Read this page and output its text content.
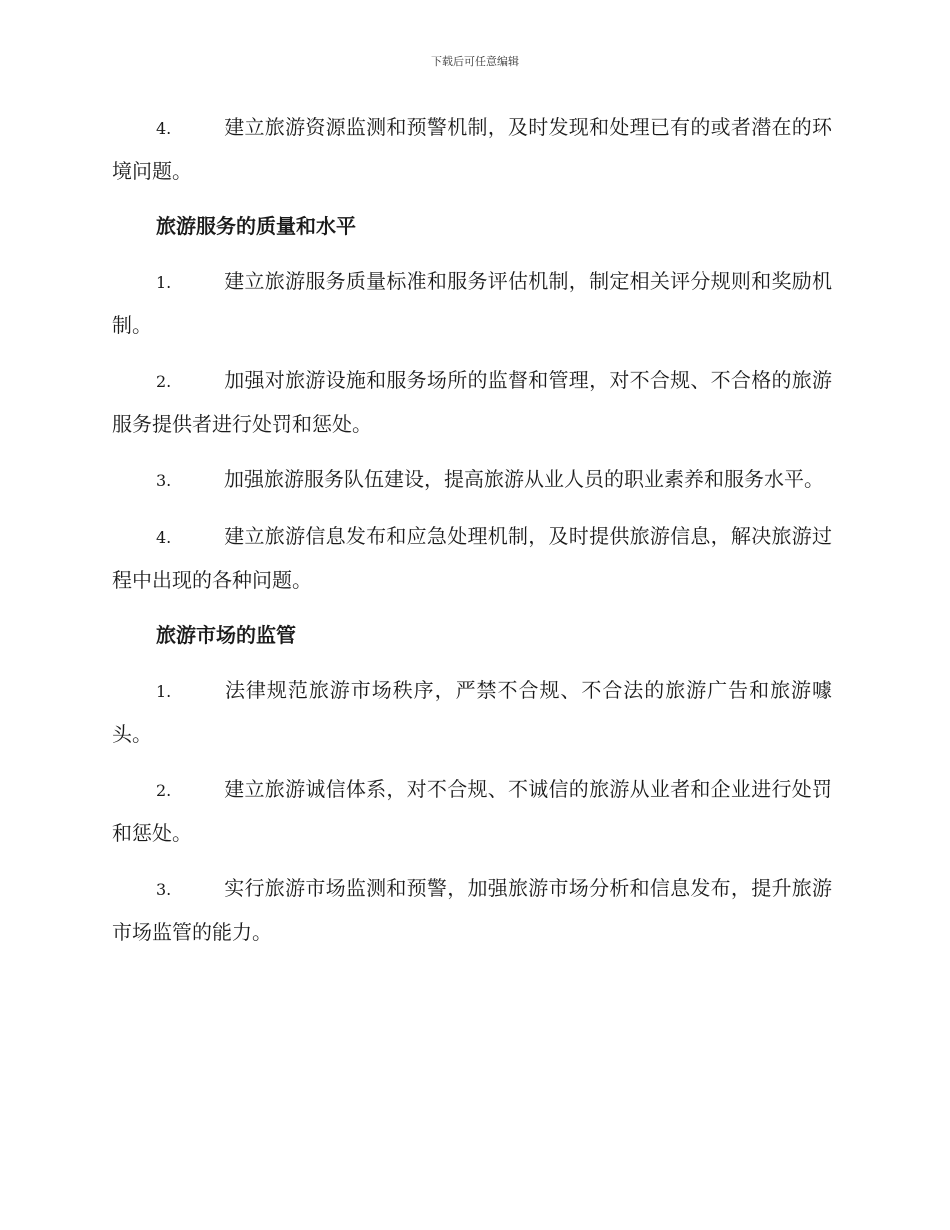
下载后可任意编辑

4.	建立旅游资源监测和预警机制，及时发现和处理已有的或者潜在的环境问题。

旅游服务的质量和水平

1.	建立旅游服务质量标准和服务评估机制，制定相关评分规则和奖励机制。

2.	加强对旅游设施和服务场所的监督和管理，对不合规、不合格的旅游服务提供者进行处罚和惩处。

3.	加强旅游服务队伍建设，提高旅游从业人员的职业素养和服务水平。

4.	建立旅游信息发布和应急处理机制，及时提供旅游信息，解决旅游过程中出现的各种问题。

旅游市场的监管

1.	法律规范旅游市场秩序，严禁不合规、不合法的旅游广告和旅游噱头。

2.	建立旅游诚信体系，对不合规、不诚信的旅游从业者和企业进行处罚和惩处。

3.	实行旅游市场监测和预警，加强旅游市场分析和信息发布，提升旅游市场监管的能力。
